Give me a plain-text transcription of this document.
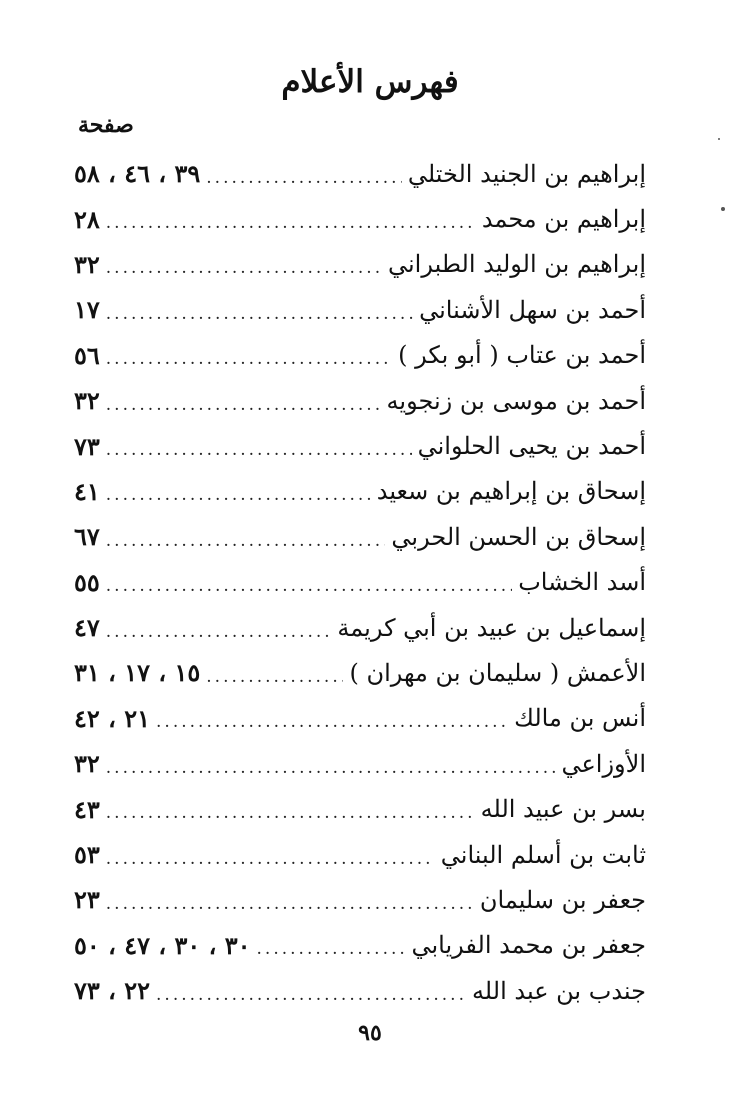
فهرس الأعلام
صفحة
إبراهيم بن الجنيد الختلي
.....
٣٩ ، ٤٦ ، ٥٨
إبراهيم بن محمد
.....
٢٨
إبراهيم بن الوليد الطبراني
.....
٣٢
أحمد بن سهل الأشناني
.....
١٧
أحمد بن عتاب ( أبو بكر )
.....
٥٦
أحمد بن موسى بن زنجويه
.....
٣٢
أحمد بن يحيى الحلواني
.....
٧٣
إسحاق بن إبراهيم بن سعيد
.....
٤١
إسحاق بن الحسن الحربي
.....
٦٧
أسد الخشاب
.....
٥٥
إسماعيل بن عبيد بن أبي كريمة
.....
٤٧
الأعمش ( سليمان بن مهران )
.....
١٥ ، ١٧ ، ٣١
أنس بن مالك
.....
٢١ ، ٤٢
الأوزاعي
.....
٣٢
بسر بن عبيد الله
.....
٤٣
ثابت بن أسلم البناني
.....
٥٣
جعفر بن سليمان
.....
٢٣
جعفر بن محمد الفريابي
.....
٣٠ ، ٣٠ ، ٤٧ ، ٥٠
جندب بن عبد الله
.....
٢٢ ، ٧٣
٩٥
